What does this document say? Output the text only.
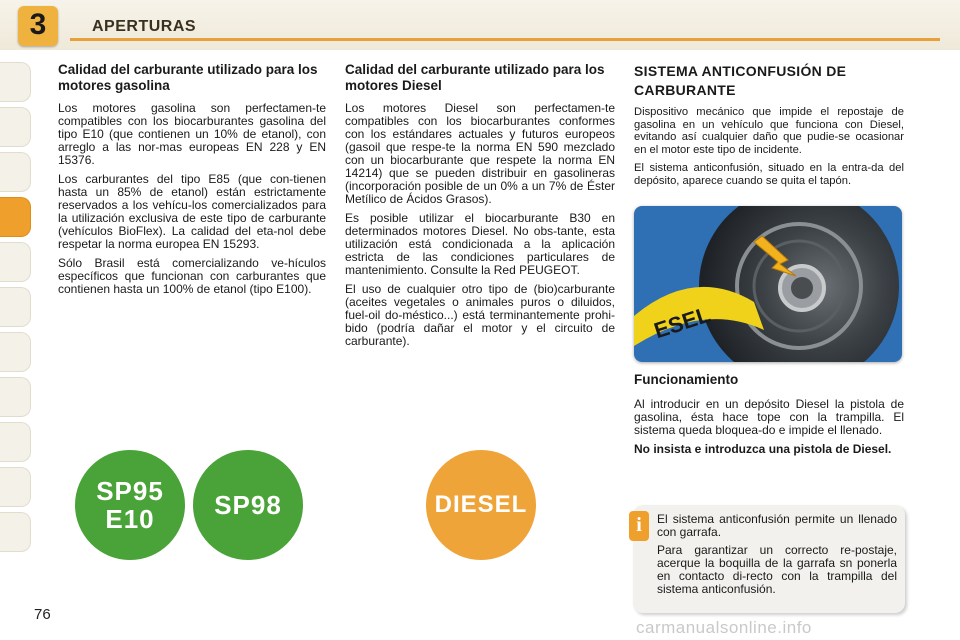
3	APERTURAS
Calidad del carburante utilizado para los motores gasolina

Los motores gasolina son perfectamen-te compatibles con los biocarburantes gasolina del tipo E10 (que contienen un 10% de etanol), con arreglo a las nor-mas europeas EN 228 y EN 15376.

Los carburantes del tipo E85 (que con-tienen hasta un 85% de etanol) están estrictamente reservados a los vehícu-los comercializados para la utilización exclusiva de este tipo de carburante (vehículos BioFlex). La calidad del eta-nol debe respetar la norma europea EN 15293.

Sólo Brasil está comercializando ve-hículos específicos que funcionan con carburantes que contienen hasta un 100% de etanol (tipo E100).

Calidad del carburante utilizado para los motores Diesel

Los motores Diesel son perfectamen-te compatibles con los biocarburantes conformes con los estándares actuales y futuros europeos (gasoil que respe-te la norma EN 590 mezclado con un biocarburante que respete la norma EN 14214) que se pueden distribuir en gasolineras (incorporación posible de un 0% a un 7% de Éster Metílico de Ácidos Grasos).

Es posible utilizar el biocarburante B30 en determinados motores Diesel. No obs-tante, esta utilización está condicionada a la aplicación estricta de las condiciones particulares de mantenimiento. Consulte la Red PEUGEOT.

El uso de cualquier otro tipo de (bio)carburante (aceites vegetales o animales puros o diluidos, fuel-oil do-méstico...) está terminantemente prohi-bido (podría dañar el motor y el circuito de carburante).

SISTEMA ANTICONFUSIÓN DE CARBURANTE

Dispositivo mecánico que impide el repostaje de gasolina en un vehículo que funciona con Diesel, evitando así cualquier daño que pudie-se ocasionar en el motor este tipo de incidente.

El sistema anticonfusión, situado en la entra-da del depósito, aparece cuando se quita el tapón.

ESEL
Funcionamiento

Al introducir en un depósito Diesel la pistola de gasolina, ésta hace tope con la trampilla. El sistema queda bloquea-do e impide el llenado.

No insista e introduzca una pistola de Diesel.

i	El sistema anticonfusión permite un llenado con garrafa.

Para garantizar un correcto re-postaje, acerque la boquilla de la garrafa sn ponerla en contacto di-recto con la trampilla del sistema anticonfusión.

SP95
E10 SP98	DIESEL
76
carmanualsonline.info
